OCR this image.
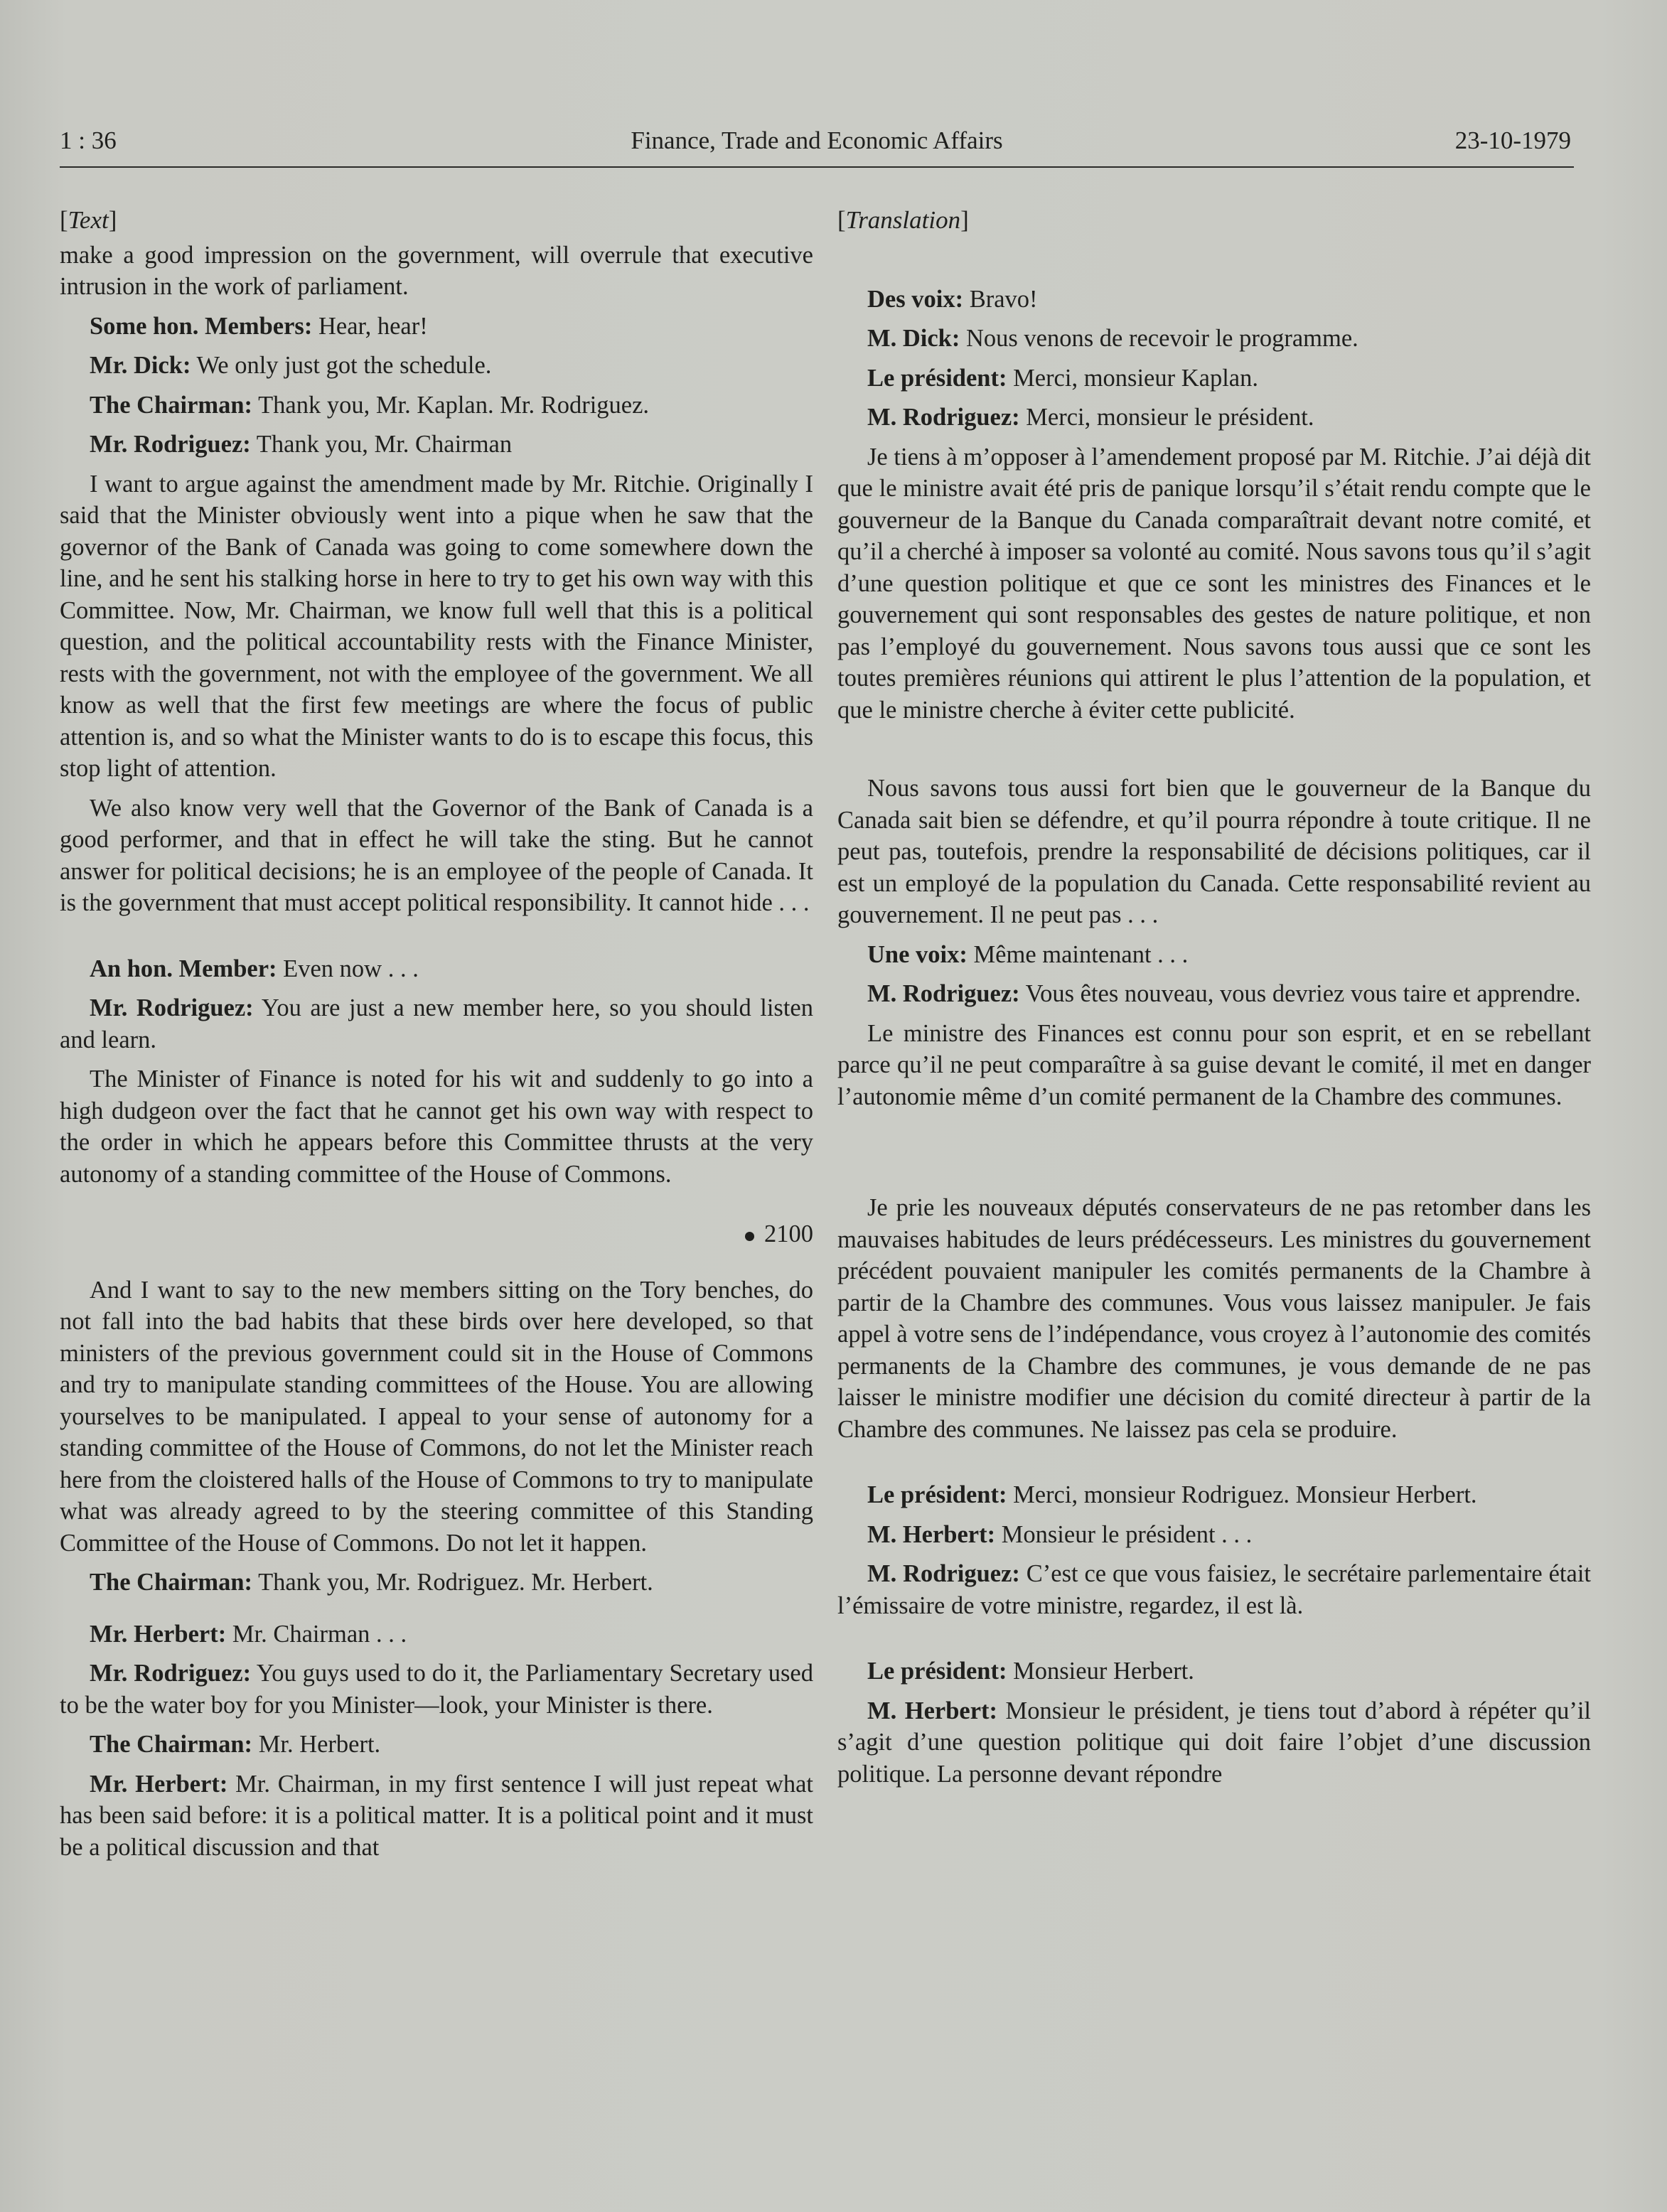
1 : 36	Finance, Trade and Economic Affairs	23-10-1979
[Text]

make a good impression on the government, will overrule that executive intrusion in the work of parliament.

Some hon. Members: Hear, hear!

Mr. Dick: We only just got the schedule.

The Chairman: Thank you, Mr. Kaplan. Mr. Rodriguez.

Mr. Rodriguez: Thank you, Mr. Chairman

I want to argue against the amendment made by Mr. Ritchie. Originally I said that the Minister obviously went into a pique when he saw that the governor of the Bank of Canada was going to come somewhere down the line, and he sent his stalking horse in here to try to get his own way with this Committee. Now, Mr. Chairman, we know full well that this is a political question, and the political accountability rests with the Finance Minister, rests with the government, not with the employee of the government. We all know as well that the first few meetings are where the focus of public attention is, and so what the Minister wants to do is to escape this focus, this stop light of attention.

We also know very well that the Governor of the Bank of Canada is a good performer, and that in effect he will take the sting. But he cannot answer for political decisions; he is an employee of the people of Canada. It is the government that must accept political responsibility. It cannot hide . . .

An hon. Member: Even now . . .

Mr. Rodriguez: You are just a new member here, so you should listen and learn.

The Minister of Finance is noted for his wit and suddenly to go into a high dudgeon over the fact that he cannot get his own way with respect to the order in which he appears before this Committee thrusts at the very autonomy of a standing committee of the House of Commons.

2100

And I want to say to the new members sitting on the Tory benches, do not fall into the bad habits that these birds over here developed, so that ministers of the previous government could sit in the House of Commons and try to manipulate standing committees of the House. You are allowing yourselves to be manipulated. I appeal to your sense of autonomy for a standing committee of the House of Commons, do not let the Minister reach here from the cloistered halls of the House of Commons to try to manipulate what was already agreed to by the steering committee of this Standing Committee of the House of Commons. Do not let it happen.

The Chairman: Thank you, Mr. Rodriguez. Mr. Herbert.

Mr. Herbert: Mr. Chairman . . .

Mr. Rodriguez: You guys used to do it, the Parliamentary Secretary used to be the water boy for you Minister—look, your Minister is there.

The Chairman: Mr. Herbert.

Mr. Herbert: Mr. Chairman, in my first sentence I will just repeat what has been said before: it is a political matter. It is a political point and it must be a political discussion and that

[Translation]

Des voix: Bravo!

M. Dick: Nous venons de recevoir le programme.

Le président: Merci, monsieur Kaplan.

M. Rodriguez: Merci, monsieur le président.

Je tiens à m’opposer à l’amendement proposé par M. Ritchie. J’ai déjà dit que le ministre avait été pris de panique lorsqu’il s’était rendu compte que le gouverneur de la Banque du Canada comparaîtrait devant notre comité, et qu’il a cherché à imposer sa volonté au comité. Nous savons tous qu’il s’agit d’une question politique et que ce sont les ministres des Finances et le gouvernement qui sont responsables des gestes de nature politique, et non pas l’employé du gouvernement. Nous savons tous aussi que ce sont les toutes premières réunions qui attirent le plus l’attention de la population, et que le ministre cherche à éviter cette publicité.

Nous savons tous aussi fort bien que le gouverneur de la Banque du Canada sait bien se défendre, et qu’il pourra répondre à toute critique. Il ne peut pas, toutefois, prendre la responsabilité de décisions politiques, car il est un employé de la population du Canada. Cette responsabilité revient au gouvernement. Il ne peut pas . . .

Une voix: Même maintenant . . .

M. Rodriguez: Vous êtes nouveau, vous devriez vous taire et apprendre.

Le ministre des Finances est connu pour son esprit, et en se rebellant parce qu’il ne peut comparaître à sa guise devant le comité, il met en danger l’autonomie même d’un comité permanent de la Chambre des communes.

Je prie les nouveaux députés conservateurs de ne pas retomber dans les mauvaises habitudes de leurs prédécesseurs. Les ministres du gouvernement précédent pouvaient manipuler les comités permanents de la Chambre à partir de la Chambre des communes. Vous vous laissez manipuler. Je fais appel à votre sens de l’indépendance, vous croyez à l’autonomie des comités permanents de la Chambre des communes, je vous demande de ne pas laisser le ministre modifier une décision du comité directeur à partir de la Chambre des communes. Ne laissez pas cela se produire.

Le président: Merci, monsieur Rodriguez. Monsieur Herbert.

M. Herbert: Monsieur le président . . .

M. Rodriguez: C’est ce que vous faisiez, le secrétaire parlementaire était l’émissaire de votre ministre, regardez, il est là.

Le président: Monsieur Herbert.

M. Herbert: Monsieur le président, je tiens tout d’abord à répéter qu’il s’agit d’une question politique qui doit faire l’objet d’une discussion politique. La personne devant répondre
